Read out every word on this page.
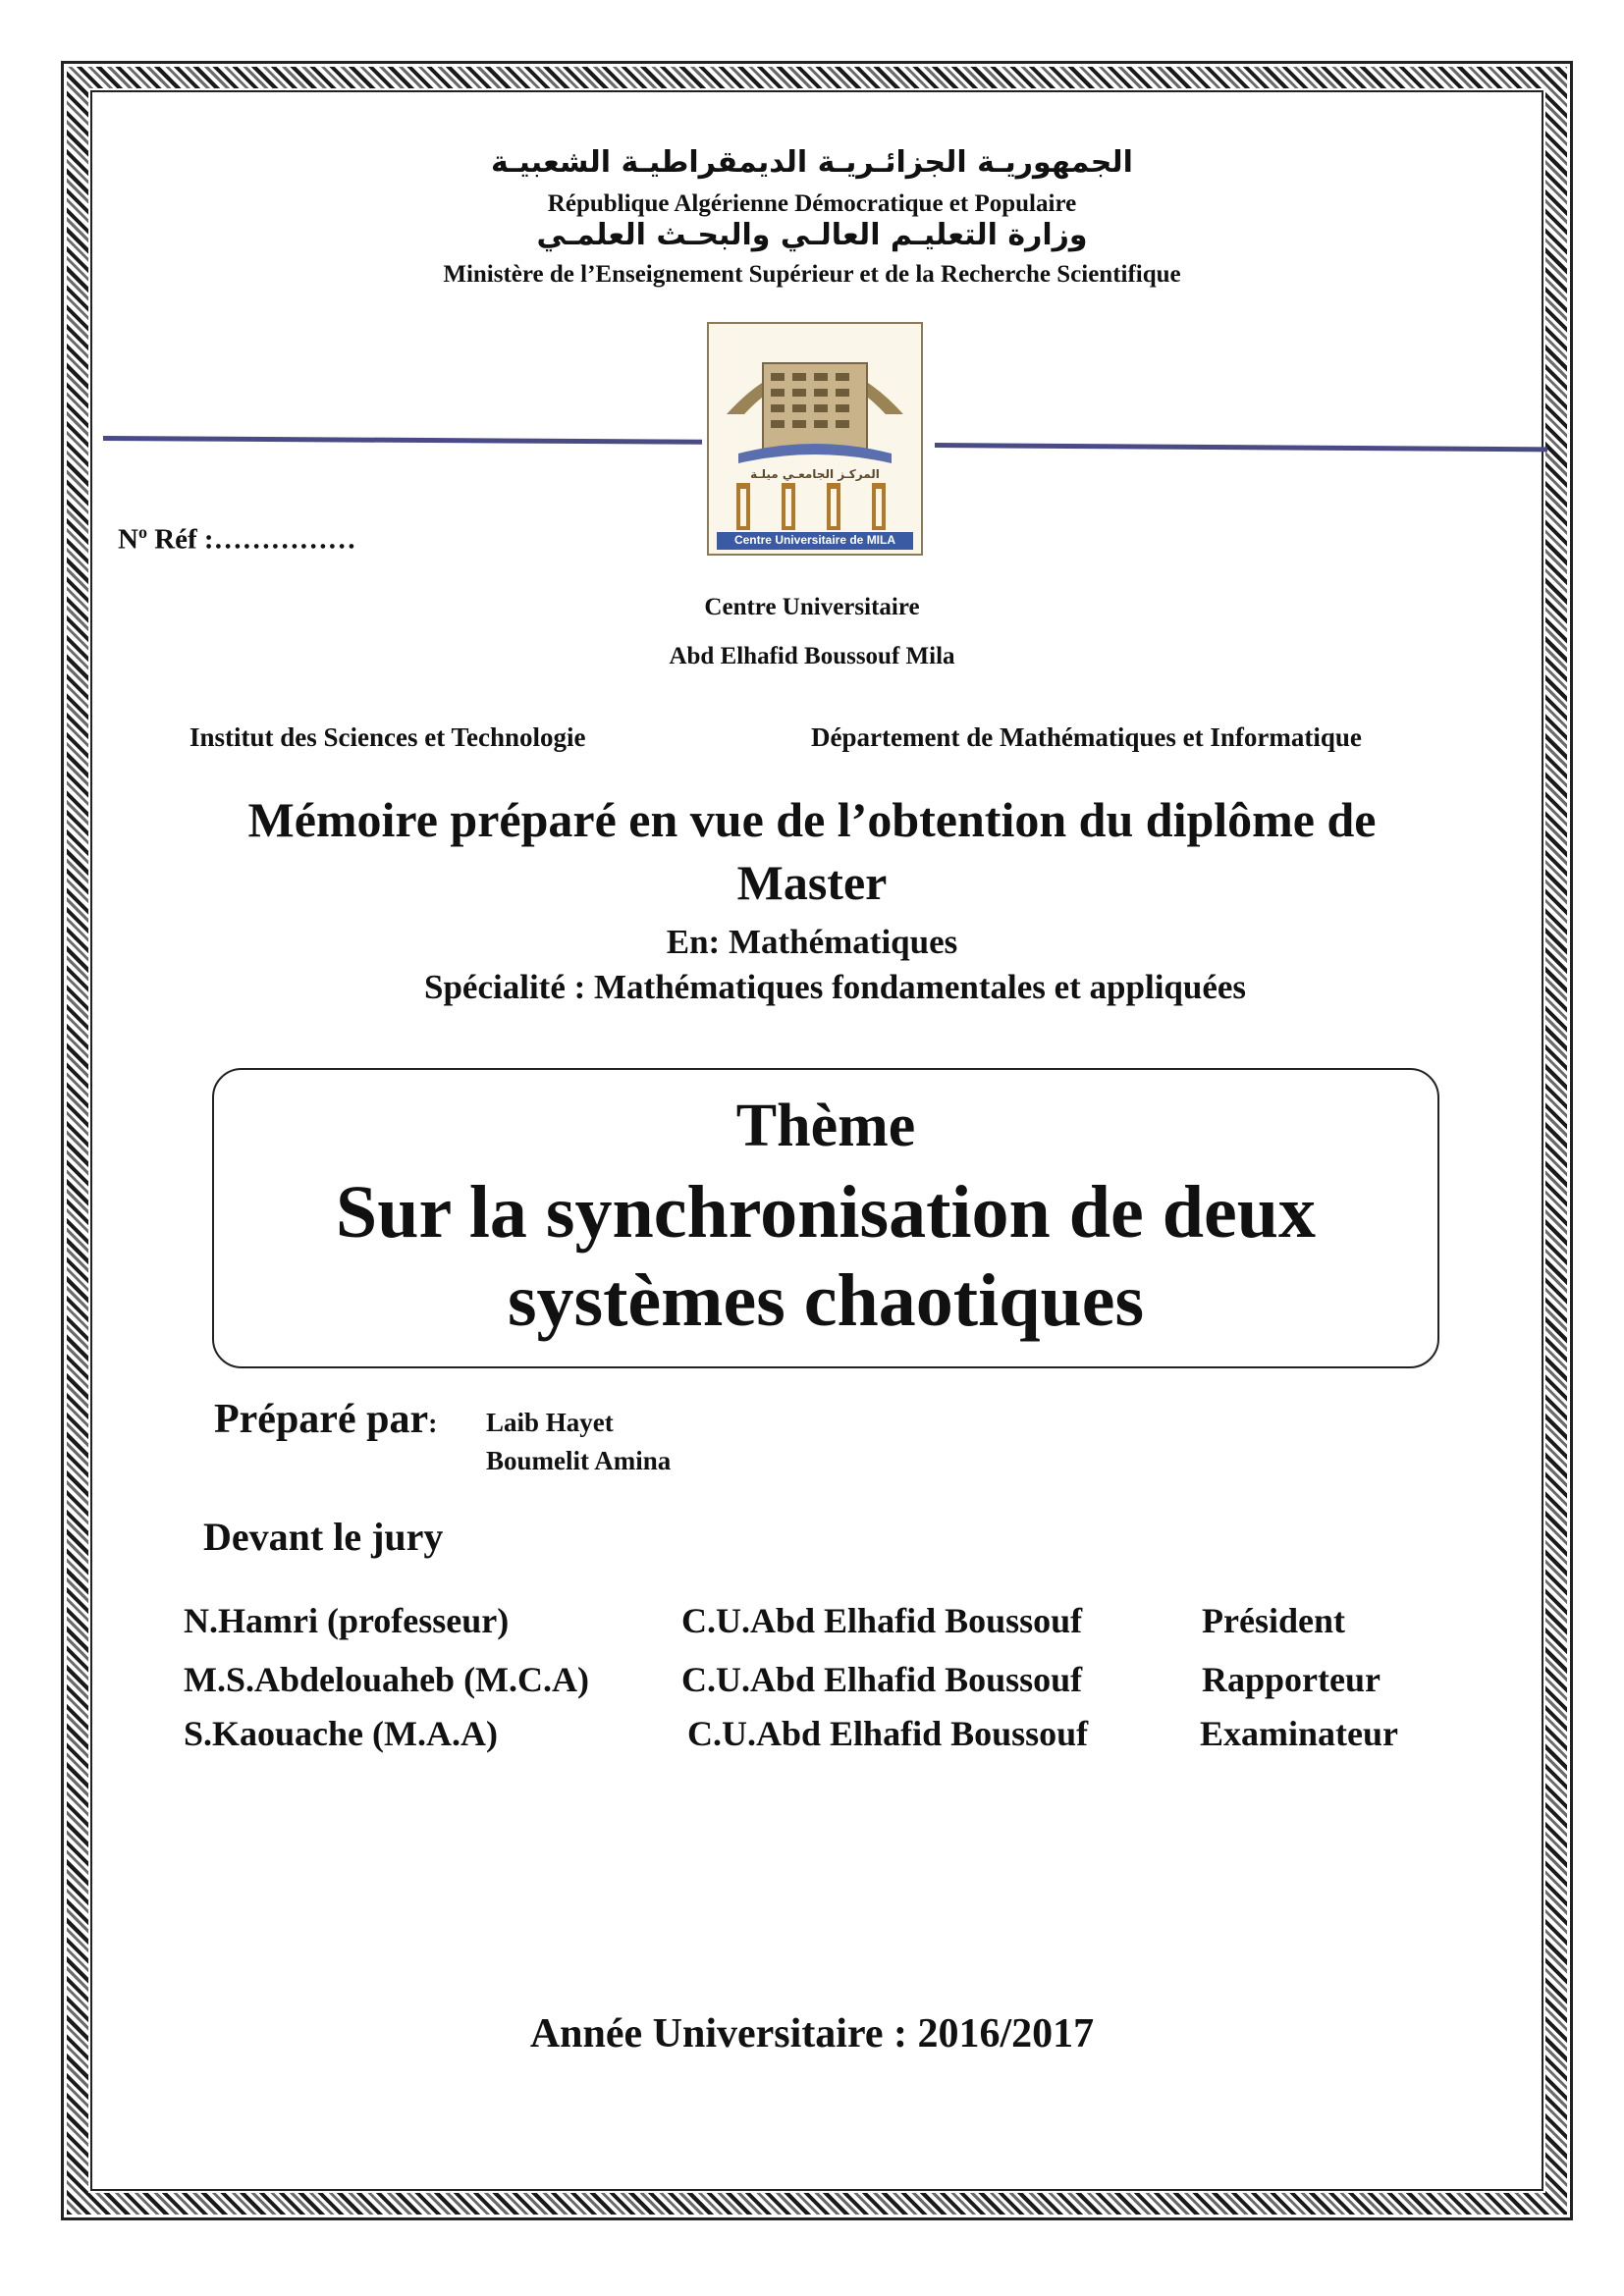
الجمهوريـة الجزائـريـة الديمقراطيـة الشعبيـة
République Algérienne Démocratique et Populaire
وزارة التعليـم العالـي والبحـث العلمـي
Ministère de l’Enseignement Supérieur et de la Recherche Scientifique
المركـز الجامعـي ميلـة
Centre Universitaire de MILA
$N^o$ Réf :……………
Centre Universitaire
Abd Elhafid Boussouf Mila
Institut des Sciences et Technologie	Département de Mathématiques et Informatique
Mémoire préparé en vue de l’obtention du diplôme de
Master
En: Mathématiques
Spécialité : Mathématiques fondamentales et appliquées
Thème
Sur la synchronisation de deux
systèmes chaotiques
Préparé par: Laib Hayet
Boumelit Amina
Devant le jury
N.Hamri (professeur)	C.U.Abd Elhafid Boussouf	Président
M.S.Abdelouaheb (M.C.A)	C.U.Abd Elhafid Boussouf	Rapporteur
S.Kaouache (M.A.A)	C.U.Abd Elhafid Boussouf	Examinateur
Année Universitaire : 2016/2017
